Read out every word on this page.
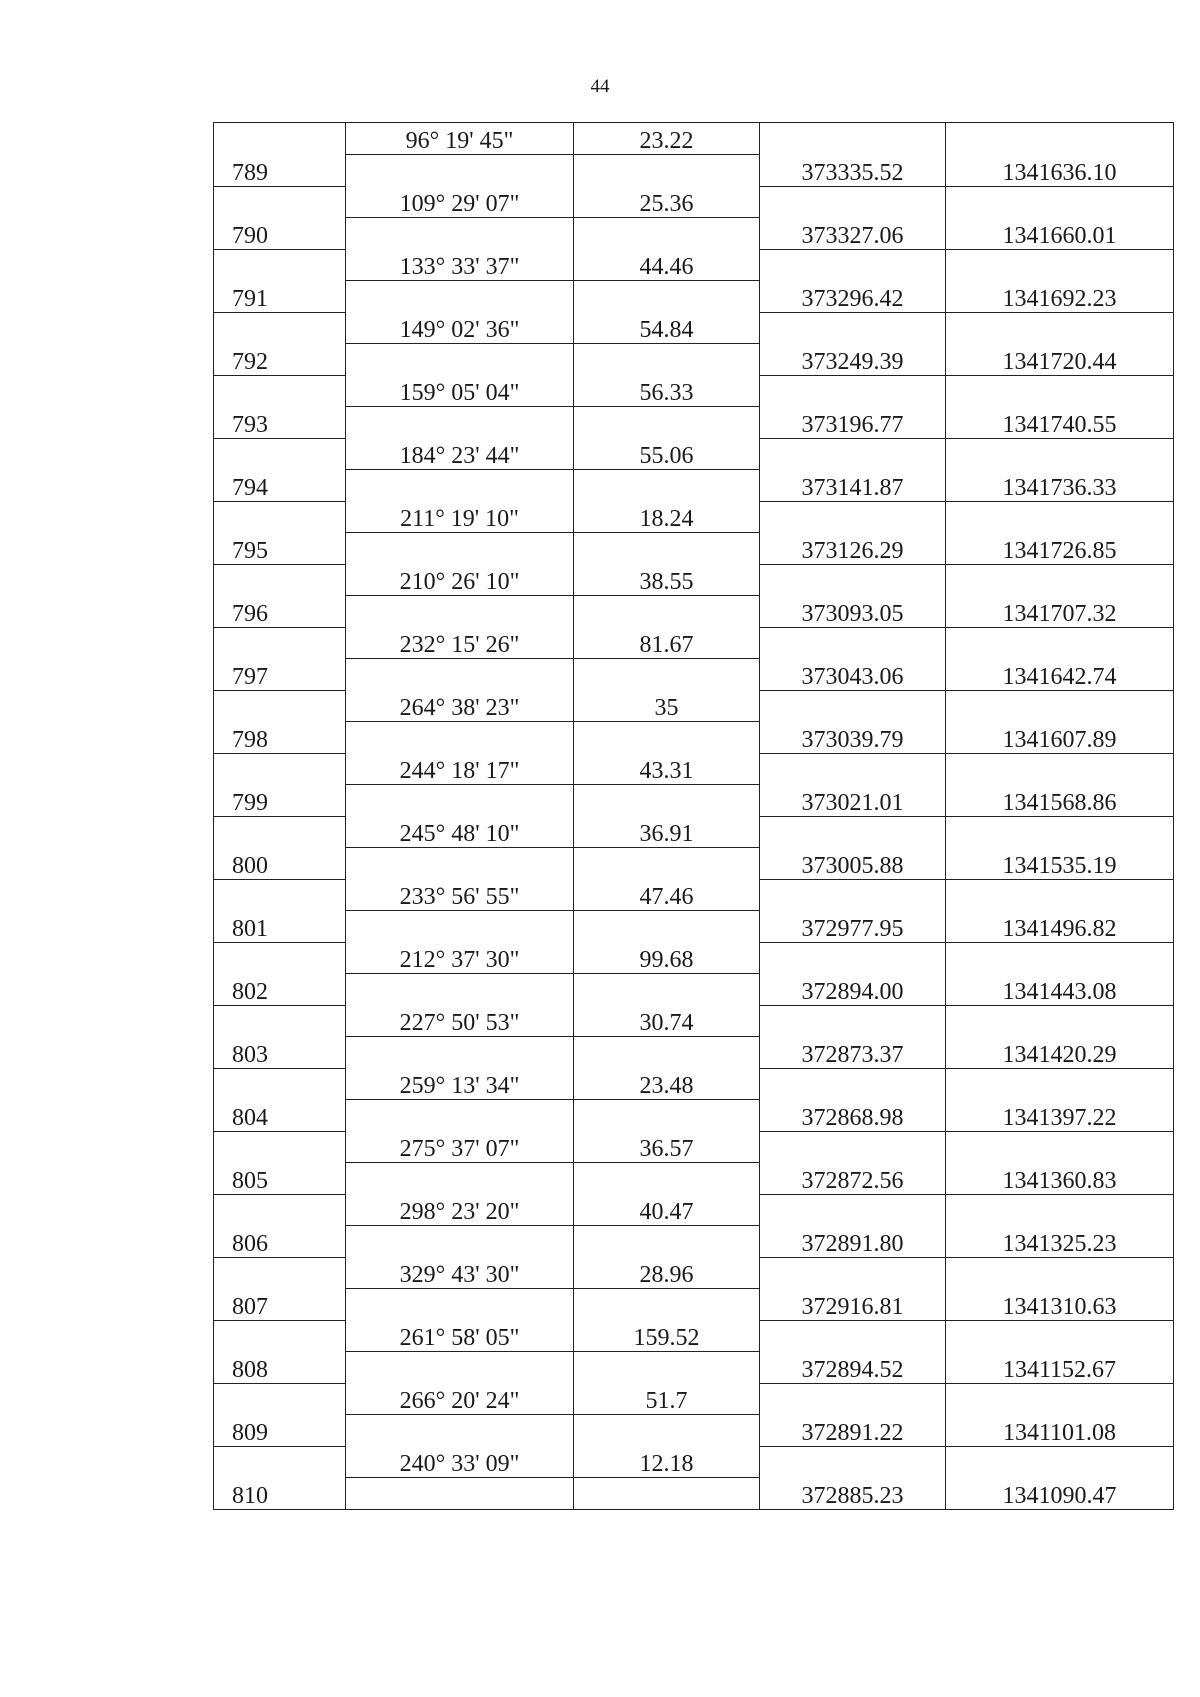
44
	96° 19' 45"	23.22		
789			373335.52	1341636.10
	109° 29' 07"	25.36		
790			373327.06	1341660.01
	133° 33' 37"	44.46		
791			373296.42	1341692.23
	149° 02' 36"	54.84		
792			373249.39	1341720.44
	159° 05' 04"	56.33		
793			373196.77	1341740.55
	184° 23' 44"	55.06		
794			373141.87	1341736.33
	211° 19' 10"	18.24		
795			373126.29	1341726.85
	210° 26' 10"	38.55		
796			373093.05	1341707.32
	232° 15' 26"	81.67		
797			373043.06	1341642.74
	264° 38' 23"	35		
798			373039.79	1341607.89
	244° 18' 17"	43.31		
799			373021.01	1341568.86
	245° 48' 10"	36.91		
800			373005.88	1341535.19
	233° 56' 55"	47.46		
801			372977.95	1341496.82
	212° 37' 30"	99.68		
802			372894.00	1341443.08
	227° 50' 53"	30.74		
803			372873.37	1341420.29
	259° 13' 34"	23.48		
804			372868.98	1341397.22
	275° 37' 07"	36.57		
805			372872.56	1341360.83
	298° 23' 20"	40.47		
806			372891.80	1341325.23
	329° 43' 30"	28.96		
807			372916.81	1341310.63
	261° 58' 05"	159.52		
808			372894.52	1341152.67
	266° 20' 24"	51.7		
809			372891.22	1341101.08
	240° 33' 09"	12.18		
810			372885.23	1341090.47
